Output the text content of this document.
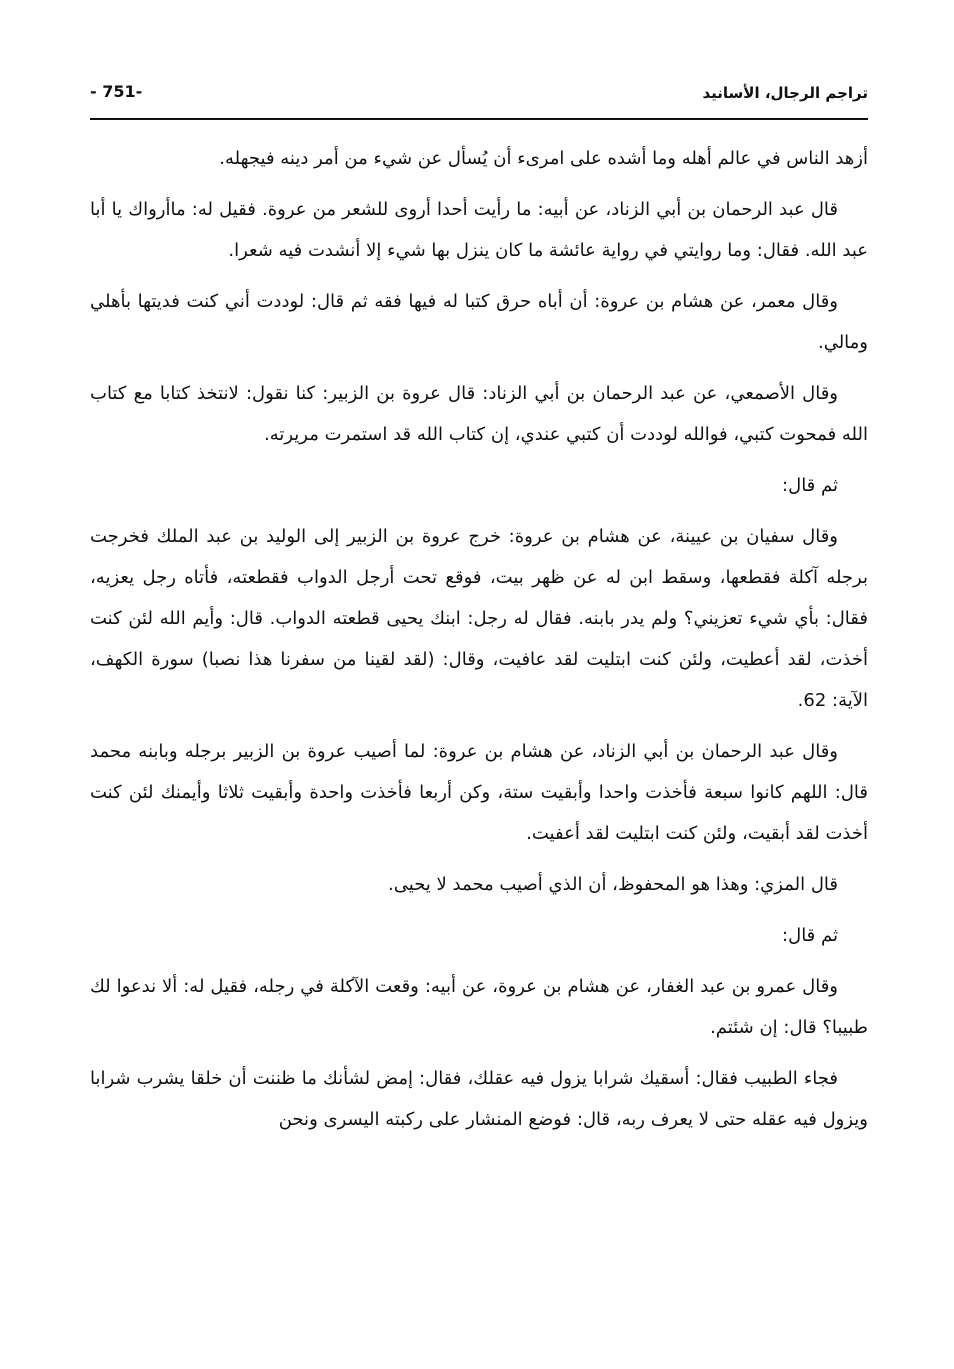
تراجم الرجال، الأسانيد
- 751-

أزهد الناس في عالم أهله وما أشده على امرىء أن يُسأل عن شيء من أمر دينه فيجهله.

قال عبد الرحمان بن أبي الزناد، عن أبيه: ما رأيت أحدا أروى للشعر من عروة. فقيل له: ماأرواك يا أبا عبد الله. فقال: وما روايتي في رواية عائشة ما كان ينزل بها شيء إلا أنشدت فيه شعرا.

وقال معمر، عن هشام بن عروة: أن أباه حرق كتبا له فيها فقه ثم قال: لوددت أني كنت فديتها بأهلي ومالي.

وقال الأصمعي، عن عبد الرحمان بن أبي الزناد: قال عروة بن الزبير: كنا نقول: لانتخذ كتابا مع كتاب الله فمحوت كتبي، فوالله لوددت أن كتبي عندي، إن كتاب الله قد استمرت مريرته.

ثم قال:

وقال سفيان بن عيينة، عن هشام بن عروة: خرج عروة بن الزبير إلى الوليد بن عبد الملك فخرجت برجله آكلة فقطعها، وسقط ابن له عن ظهر بيت، فوقع تحت أرجل الدواب فقطعته، فأتاه رجل يعزيه، فقال: بأي شيء تعزيني؟ ولم يدر بابنه. فقال له رجل: ابنك يحيى قطعته الدواب. قال: وأيم الله لئن كنت أخذت، لقد أعطيت، ولئن كنت ابتليت لقد عافيت، وقال: (لقد لقينا من سفرنا هذا نصبا) سورة الكهف، الآية: 62.

وقال عبد الرحمان بن أبي الزناد، عن هشام بن عروة: لما أصيب عروة بن الزبير برجله وبابنه محمد قال: اللهم كانوا سبعة فأخذت واحدا وأبقيت ستة، وكن أربعا فأخذت واحدة وأبقيت ثلاثا وأيمنك لئن كنت أخذت لقد أبقيت، ولئن كنت ابتليت لقد أعفيت.

قال المزي: وهذا هو المحفوظ، أن الذي أصيب محمد لا يحيى.

ثم قال:

وقال عمرو بن عبد الغفار، عن هشام بن عروة، عن أبيه: وقعت الآكلة في رجله، فقيل له: ألا ندعوا لك طبيبا؟ قال: إن شئتم.

فجاء الطبيب فقال: أسقيك شرابا يزول فيه عقلك، فقال: إمض لشأنك ما ظننت أن خلقا يشرب شرابا ويزول فيه عقله حتى لا يعرف ربه، قال: فوضع المنشار على ركبته اليسرى ونحن
